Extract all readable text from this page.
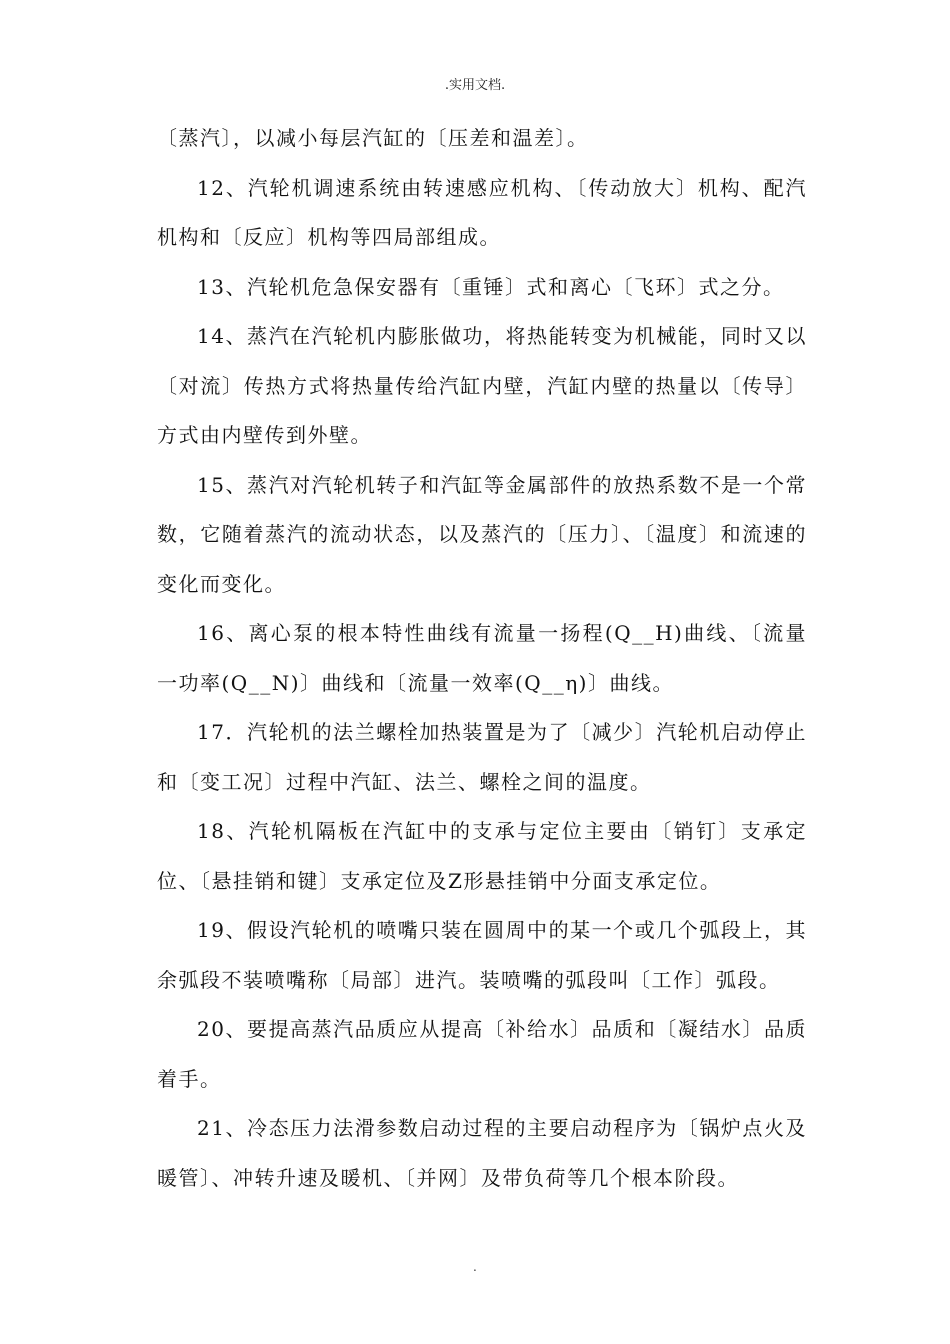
.实用文档.

〔蒸汽〕，以减小每层汽缸的〔压差和温差〕。

12、汽轮机调速系统由转速感应机构、〔传动放大〕机构、配汽机构和〔反应〕机构等四局部组成。

13、汽轮机危急保安器有〔重锤〕式和离心〔飞环〕式之分。

14、蒸汽在汽轮机内膨胀做功，将热能转变为机械能，同时又以〔对流〕传热方式将热量传给汽缸内壁，汽缸内壁的热量以〔传导〕方式由内壁传到外壁。

15、蒸汽对汽轮机转子和汽缸等金属部件的放热系数不是一个常数，它随着蒸汽的流动状态，以及蒸汽的〔压力〕、〔温度〕和流速的变化而变化。

16、离心泵的根本特性曲线有流量一扬程(Q__H)曲线、〔流量一功率(Q__N)〕曲线和〔流量一效率(Q__η)〕曲线。

17．汽轮机的法兰螺栓加热装置是为了〔减少〕汽轮机启动停止和〔变工况〕过程中汽缸、法兰、螺栓之间的温度。

18、汽轮机隔板在汽缸中的支承与定位主要由〔销钉〕支承定位、〔悬挂销和键〕支承定位及Z形悬挂销中分面支承定位。

19、假设汽轮机的喷嘴只装在圆周中的某一个或几个弧段上，其余弧段不装喷嘴称〔局部〕进汽。装喷嘴的弧段叫〔工作〕弧段。

20、要提高蒸汽品质应从提高〔补给水〕品质和〔凝结水〕品质着手。

21、冷态压力法滑参数启动过程的主要启动程序为〔锅炉点火及暖管〕、冲转升速及暖机、〔并网〕及带负荷等几个根本阶段。

.
